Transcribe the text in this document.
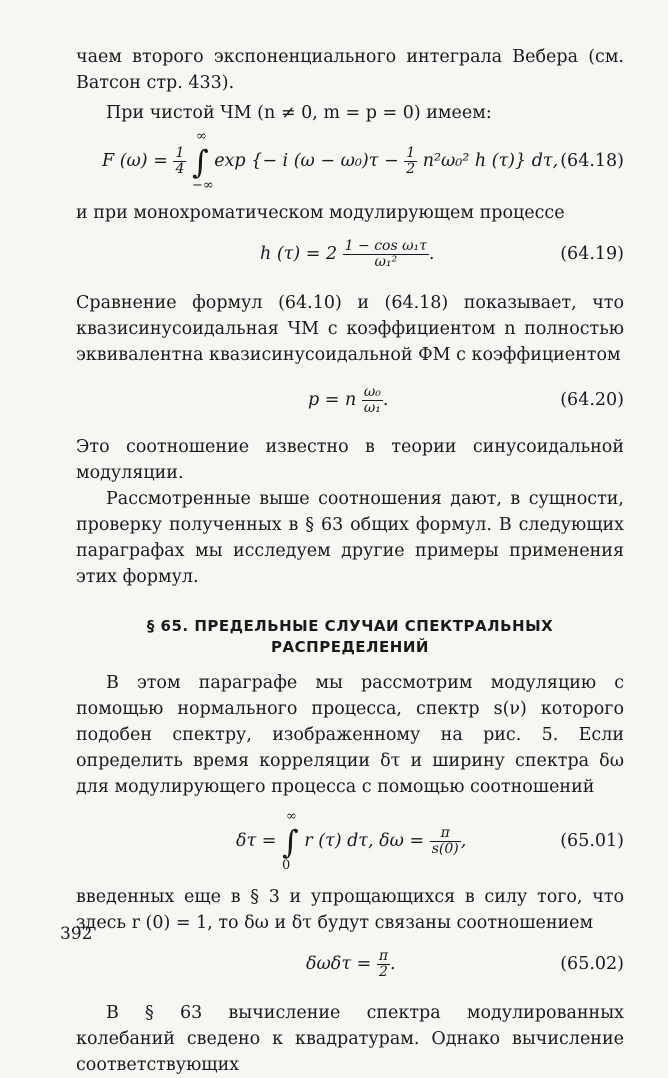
чаем второго экспоненциального интеграла Вебера (см. Ватсон стр. 433).

При чистой ЧМ (n ≠ 0, m = p = 0) имеем:

F $(\omega) = \frac{1}{4}$ ∫
∞
−∞
exp {− i $(\omega - \omega_0)\tau - \frac{1}{2} n^2\omega_0^2$ h (τ)} dτ, (64.18)

и при монохроматическом модулирующем процессе

h $(\tau) = 2 \frac{\text{1 − cos ω₁τ}}{\text{ω₁²}}$ .	(64.19)

Сравнение формул (64.10) и (64.18) показывает, что квазисинусоидальная ЧМ с коэффициентом n полностью эквивалентна квазисинусоидальной ФМ с коэффициентом

p = n $\frac{\text{ω₀}}{\text{ω₁}}$ .	(64.20)

Это соотношение известно в теории синусоидальной модуляции.

Рассмотренные выше соотношения дают, в сущности, проверку полученных в § 63 общих формул. В следующих параграфах мы исследуем другие примеры применения этих формул.

§ 65. ПРЕДЕЛЬНЫЕ СЛУЧАИ СПЕКТРАЛЬНЫХ

РАСПРЕДЕЛЕНИЙ

В этом параграфе мы рассмотрим модуляцию с помощью нормального процесса, спектр s(ν) которого подобен спектру, изображенному на рис. 5. Если определить время корреляции δτ и ширину спектра δω для модулирующего процесса с помощью соотношений

δτ = ∫
∞
0
r (τ) dτ, $\delta\omega = \frac{\pi}{s(0)}$ ,	(65.01)

введенных еще в § 3 и упрощающихся в силу того, что здесь r (0) = 1, то δω и δτ будут связаны соотношением

$\delta\omega\delta\tau = \frac{\pi}{2}$ .	(65.02)

В § 63 вычисление спектра модулированных колебаний сведено к квадратурам. Однако вычисление соответствующих

392
